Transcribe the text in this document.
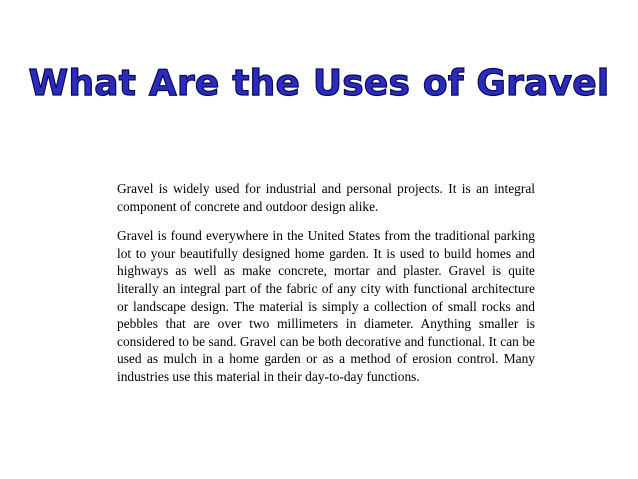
What Are the Uses of Gravel

Gravel is widely used for industrial and personal projects. It is an integral component of concrete and outdoor design alike.

Gravel is found everywhere in the United States from the traditional parking lot to your beautifully designed home garden. It is used to build homes and highways as well as make concrete, mortar and plaster. Gravel is quite literally an integral part of the fabric of any city with functional architecture or landscape design. The material is simply a collection of small rocks and pebbles that are over two millimeters in diameter. Anything smaller is considered to be sand. Gravel can be both decorative and functional. It can be used as mulch in a home garden or as a method of erosion control. Many industries use this material in their day-to-day functions.
